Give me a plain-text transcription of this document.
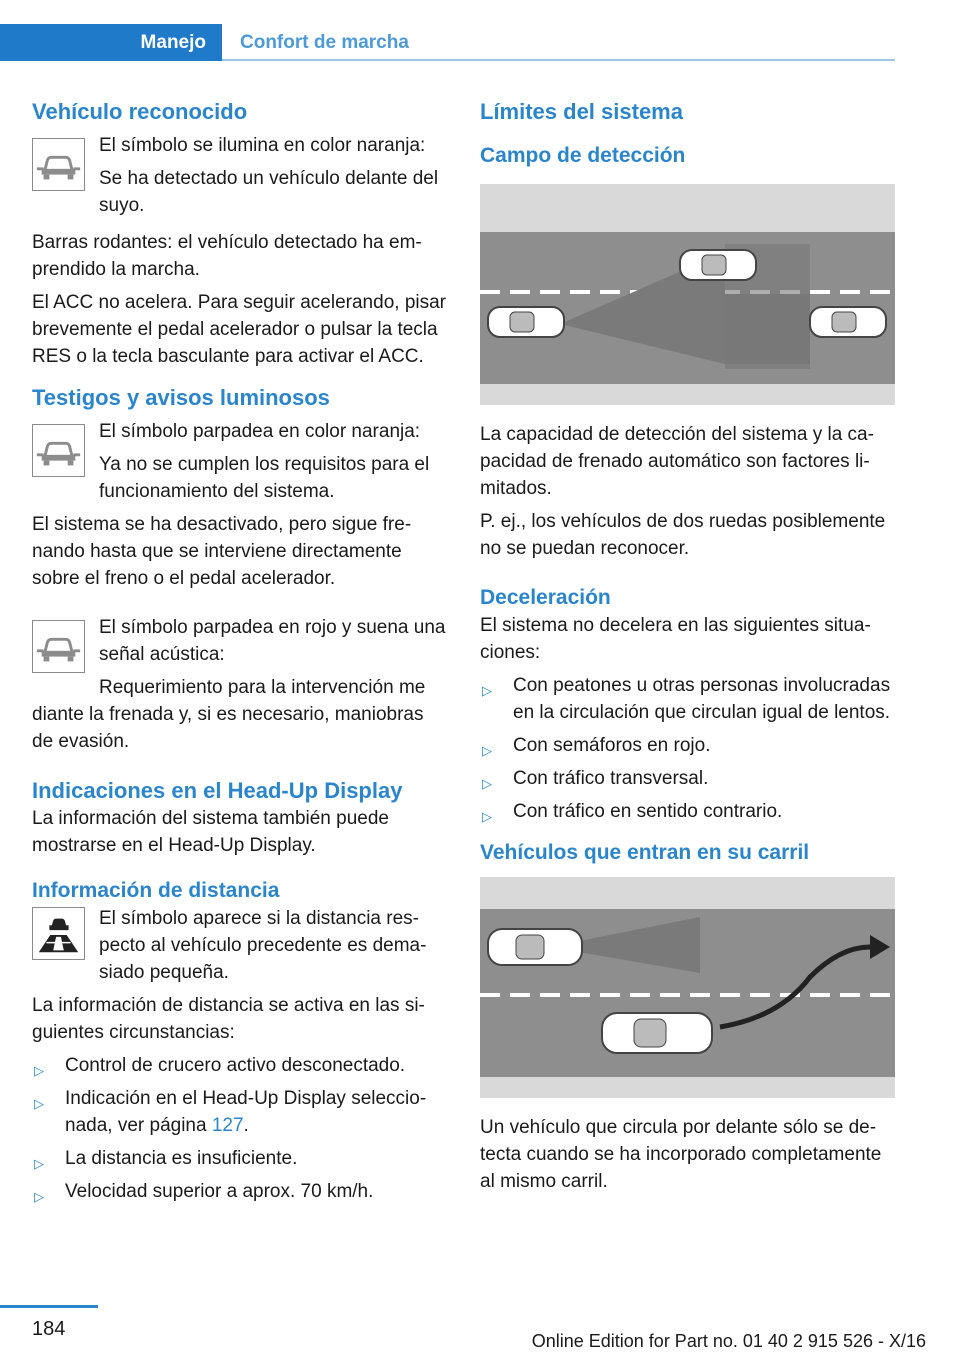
Manejo Confort de marcha
Vehículo reconocido

El símbolo se ilumina en color naranja:

Se ha detectado un vehículo delante del suyo.

Barras rodantes: el vehículo detectado ha emprendido la marcha.

El ACC no acelera. Para seguir acelerando, pisar brevemente el pedal acelerador o pulsar la tecla RES o la tecla basculante para activar el ACC.

Testigos y avisos luminosos

El símbolo parpadea en color naranja:

Ya no se cumplen los requisitos para el funcionamiento del sistema.

El sistema se ha desactivado, pero sigue frenando hasta que se interviene directamente sobre el freno o el pedal acelerador.

El símbolo parpadea en rojo y suena una señal acústica:

Requerimiento para la intervención me

diante la frenada y, si es necesario, maniobras de evasión.

Indicaciones en el Head-Up Display

La información del sistema también puede mostrarse en el Head-Up Display.

Información de distancia

El símbolo aparece si la distancia respecto al vehículo precedente es demasiado pequeña.

La información de distancia se activa en las siguientes circunstancias:

▷ Control de crucero activo desconectado.
▷ Indicación en el Head-Up Display seleccionada, ver página 127.
▷ La distancia es insuficiente.
▷ Velocidad superior a aprox. 70 km/h.
Límites del sistema
Campo de detección

La capacidad de detección del sistema y la capacidad de frenado automático son factores limitados.

P. ej., los vehículos de dos ruedas posiblemente no se puedan reconocer.

Deceleración

El sistema no decelera en las siguientes situaciones:

▷ Con peatones u otras personas involucradas en la circulación que circulan igual de lentos.
▷ Con semáforos en rojo.
▷ Con tráfico transversal.
▷ Con tráfico en sentido contrario.
Vehículos que entran en su carril

Un vehículo que circula por delante sólo se detecta cuando se ha incorporado completamente al mismo carril.

184
Online Edition for Part no. 01 40 2 915 526 - X/16
